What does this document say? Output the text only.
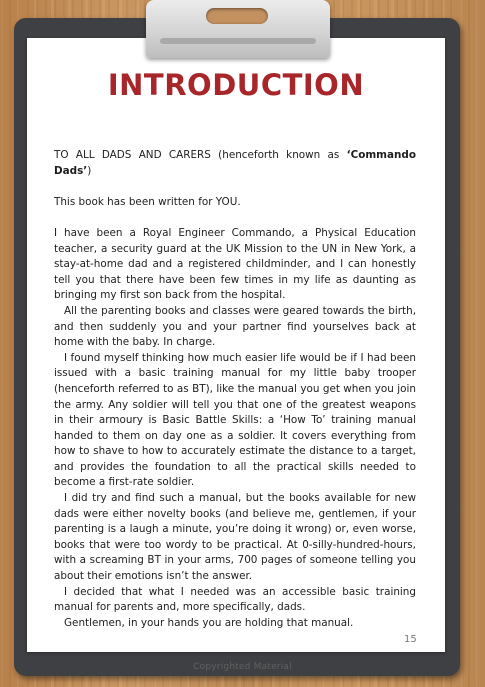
INTRODUCTION

TO ALL DADS AND CARERS (henceforth known as ‘Commando Dads’)

This book has been written for YOU.

I have been a Royal Engineer Commando, a Physical Education teacher, a security guard at the UK Mission to the UN in New York, a stay-at-home dad and a registered childminder, and I can honestly tell you that there have been few times in my life as daunting as bringing my first son back from the hospital.

All the parenting books and classes were geared towards the birth, and then suddenly you and your partner find yourselves back at home with the baby. In charge.

I found myself thinking how much easier life would be if I had been issued with a basic training manual for my little baby trooper (henceforth referred to as BT), like the manual you get when you join the army. Any soldier will tell you that one of the greatest weapons in their armoury is Basic Battle Skills: a ‘How To’ training manual handed to them on day one as a soldier. It covers everything from how to shave to how to accurately estimate the distance to a target, and provides the foundation to all the practical skills needed to become a first-rate soldier.

I did try and find such a manual, but the books available for new dads were either novelty books (and believe me, gentlemen, if your parenting is a laugh a minute, you’re doing it wrong) or, even worse, books that were too wordy to be practical. At 0-silly-hundred-hours, with a screaming BT in your arms, 700 pages of someone telling you about their emotions isn’t the answer.

I decided that what I needed was an accessible basic training manual for parents and, more specifically, dads.

Gentlemen, in your hands you are holding that manual.

15
Copyrighted Material
